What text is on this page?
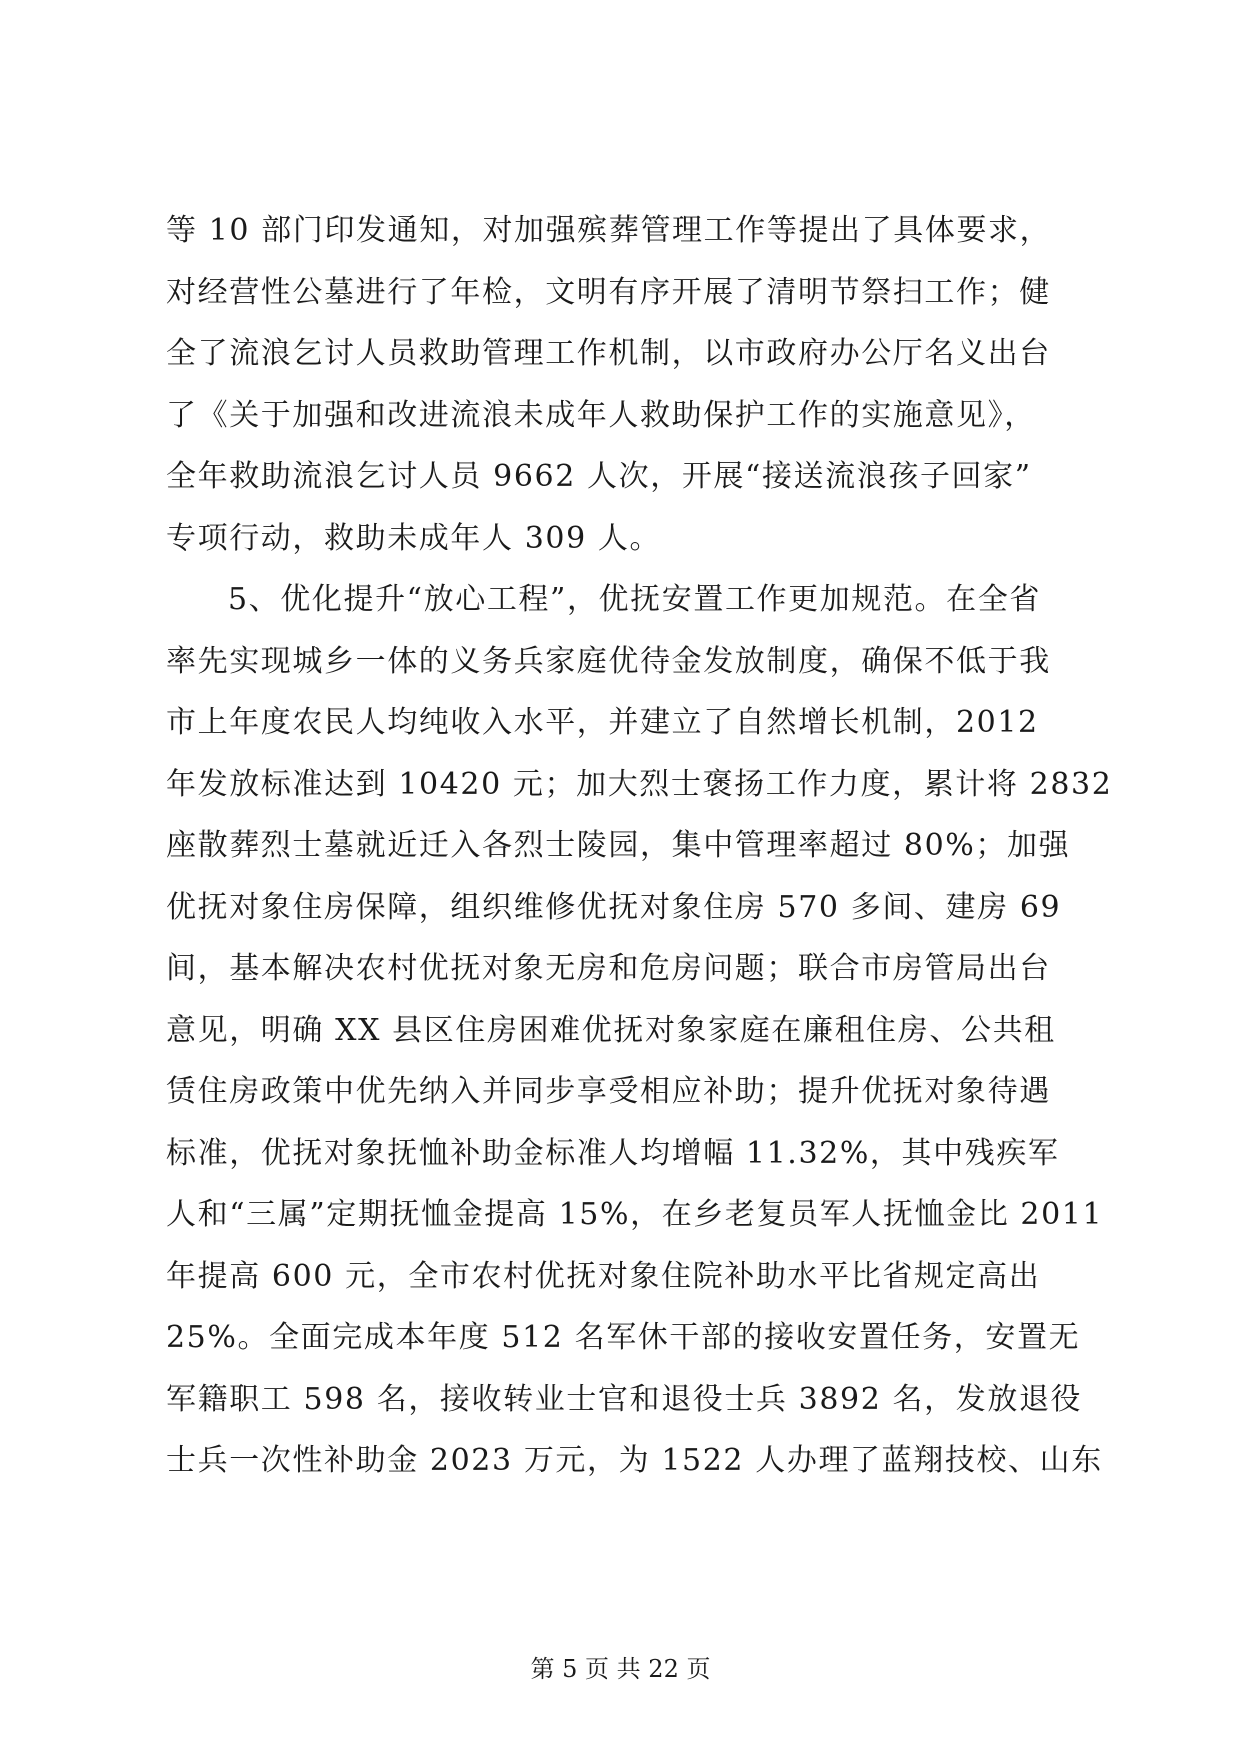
等 10 部门印发通知，对加强殡葬管理工作等提出了具体要求，
对经营性公墓进行了年检，文明有序开展了清明节祭扫工作；健
全了流浪乞讨人员救助管理工作机制，以市政府办公厅名义出台
了《关于加强和改进流浪未成年人救助保护工作的实施意见》，
全年救助流浪乞讨人员 9662 人次，开展“接送流浪孩子回家”
专项行动，救助未成年人 309 人。
5、优化提升“放心工程”，优抚安置工作更加规范。在全省
率先实现城乡一体的义务兵家庭优待金发放制度，确保不低于我
市上年度农民人均纯收入水平，并建立了自然增长机制，2012
年发放标准达到 10420 元；加大烈士褒扬工作力度，累计将 2832
座散葬烈士墓就近迁入各烈士陵园，集中管理率超过 80%；加强
优抚对象住房保障，组织维修优抚对象住房 570 多间、建房 69
间，基本解决农村优抚对象无房和危房问题；联合市房管局出台
意见，明确 XX 县区住房困难优抚对象家庭在廉租住房、公共租
赁住房政策中优先纳入并同步享受相应补助；提升优抚对象待遇
标准，优抚对象抚恤补助金标准人均增幅 11.32%，其中残疾军
人和“三属”定期抚恤金提高 15%，在乡老复员军人抚恤金比 2011
年提高 600 元，全市农村优抚对象住院补助水平比省规定高出
25%。全面完成本年度 512 名军休干部的接收安置任务，安置无
军籍职工 598 名，接收转业士官和退役士兵 3892 名，发放退役
士兵一次性补助金 2023 万元，为 1522 人办理了蓝翔技校、山东
第 5 页 共 22 页
